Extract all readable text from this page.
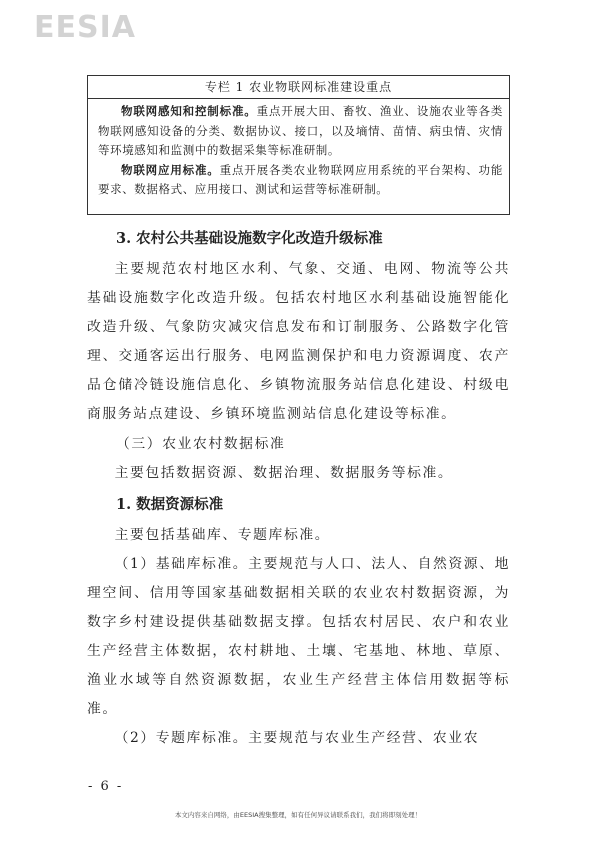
EESIA
专栏 1 农业物联网标准建设重点

物联网感知和控制标准。重点开展大田、畜牧、渔业、设施农业等各类物联网感知设备的分类、数据协议、接口，以及墒情、苗情、病虫情、灾情等环境感知和监测中的数据采集等标准研制。

物联网应用标准。重点开展各类农业物联网应用系统的平台架构、功能要求、数据格式、应用接口、测试和运营等标准研制。

3. 农村公共基础设施数字化改造升级标准

主要规范农村地区水利、气象、交通、电网、物流等公共基础设施数字化改造升级。包括农村地区水利基础设施智能化改造升级、气象防灾减灾信息发布和订制服务、公路数字化管理、交通客运出行服务、电网监测保护和电力资源调度、农产品仓储冷链设施信息化、乡镇物流服务站信息化建设、村级电商服务站点建设、乡镇环境监测站信息化建设等标准。

（三）农业农村数据标准

主要包括数据资源、数据治理、数据服务等标准。

1. 数据资源标准

主要包括基础库、专题库标准。

（1）基础库标准。主要规范与人口、法人、自然资源、地理空间、信用等国家基础数据相关联的农业农村数据资源，为数字乡村建设提供基础数据支撑。包括农村居民、农户和农业生产经营主体数据，农村耕地、土壤、宅基地、林地、草原、渔业水域等自然资源数据，农业生产经营主体信用数据等标准。

（2）专题库标准。主要规范与农业生产经营、农业农

- 6 -
本文内容来自网络，由EESIA搜集整理，如有任何异议请联系我们，我们将即刻处理！
